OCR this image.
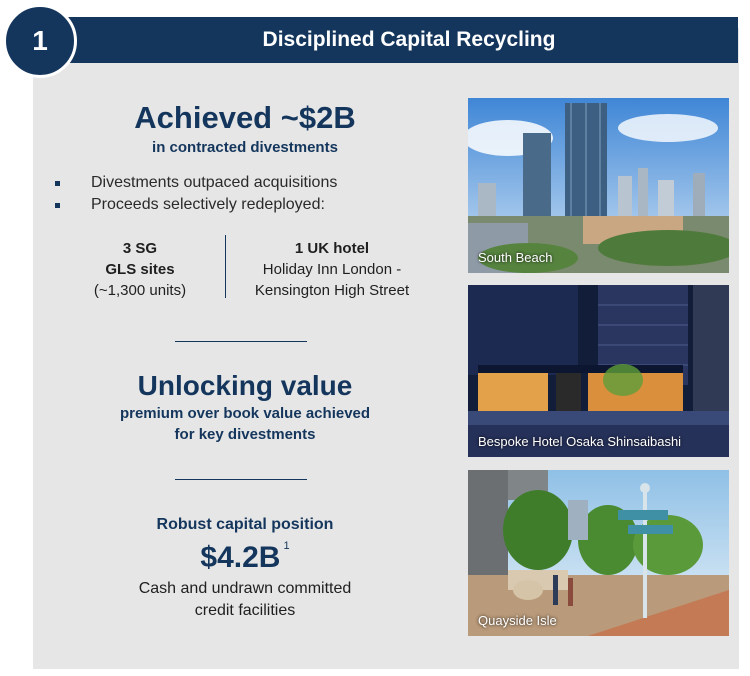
Disciplined Capital Recycling
1
Achieved ~$2B
in contracted divestments
Divestments outpaced acquisitions
Proceeds selectively redeployed:
3 SG
GLS sites
(~1,300 units)
1 UK hotel
Holiday Inn London -
Kensington High Street
Unlocking value
premium over book value achieved
for key divestments
Robust capital position
$4.2B $^1$
Cash and undrawn committed
credit facilities
South Beach
Bespoke Hotel Osaka Shinsaibashi
Quayside Isle
